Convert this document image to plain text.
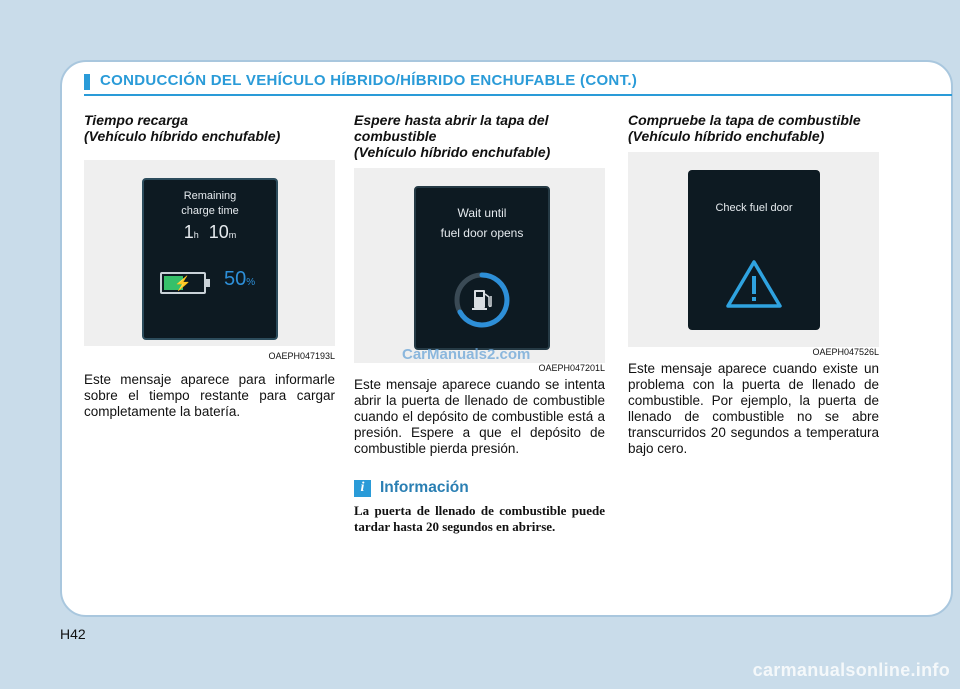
CONDUCCIÓN DEL VEHÍCULO HÍBRIDO/HÍBRIDO ENCHUFABLE (CONT.)
Tiempo recarga
(Vehículo híbrido enchufable)
Remaining
charge time
1h 10m
⚡ 50%
OAEPH047193L
Este mensaje aparece para informarle sobre el tiempo restante para cargar completamente la batería.
Espere hasta abrir la tapa del combustible
(Vehículo híbrido enchufable)
Wait until
fuel door opens
OAEPH047201L
Este mensaje aparece cuando se intenta abrir la puerta de llenado de combustible cuando el depósito de combustible está a presión. Espere a que el depósito de combustible pierda presión.
i	Información
La puerta de llenado de combustible puede tardar hasta 20 segundos en abrirse.
Compruebe la tapa de combustible
(Vehículo híbrido enchufable)
Check fuel door
OAEPH047526L
Este mensaje aparece cuando existe un problema con la puerta de llenado de combustible. Por ejemplo, la puerta de llenado de combustible no se abre transcurridos 20 segundos a temperatura bajo cero.
CarManuals2.com
H42
carmanualsonline.info
